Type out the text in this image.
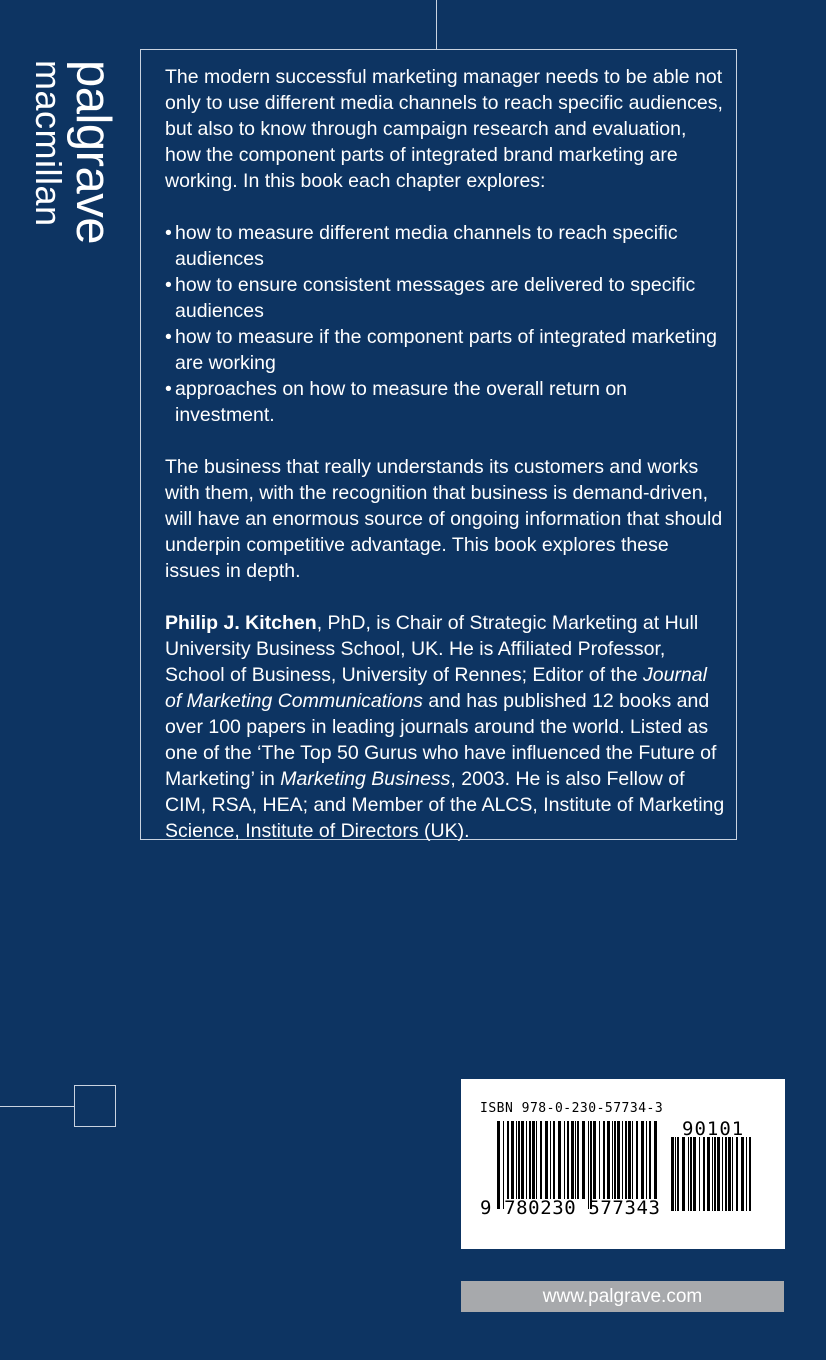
palgrave
macmillan	The modern successful marketing manager needs to be able not only to use different media channels to reach specific audiences, but also to know through campaign research and evaluation, how the component parts of integrated brand marketing are working. In this book each chapter explores:

• how to measure different media channels to reach specific audiences
• how to ensure consistent messages are delivered to specific audiences
• how to measure if the component parts of integrated marketing are working
• approaches on how to measure the overall return on investment.

The business that really understands its customers and works with them, with the recognition that business is demand-driven, will have an enormous source of ongoing information that should underpin competitive advantage. This book explores these issues in depth.

Philip J. Kitchen, PhD, is Chair of Strategic Marketing at Hull University Business School, UK. He is Affiliated Professor, School of Business, University of Rennes; Editor of the Journal of Marketing Communications and has published 12 books and over 100 papers in leading journals around the world. Listed as one of the ‘The Top 50 Gurus who have influenced the Future of Marketing’ in Marketing Business, 2003. He is also Fellow of CIM, RSA, HEA; and Member of the ALCS, Institute of Marketing Science, Institute of Directors (UK).

ISBN 978-0-230-57734-3
90101
9 780230 577343
www.palgrave.com
